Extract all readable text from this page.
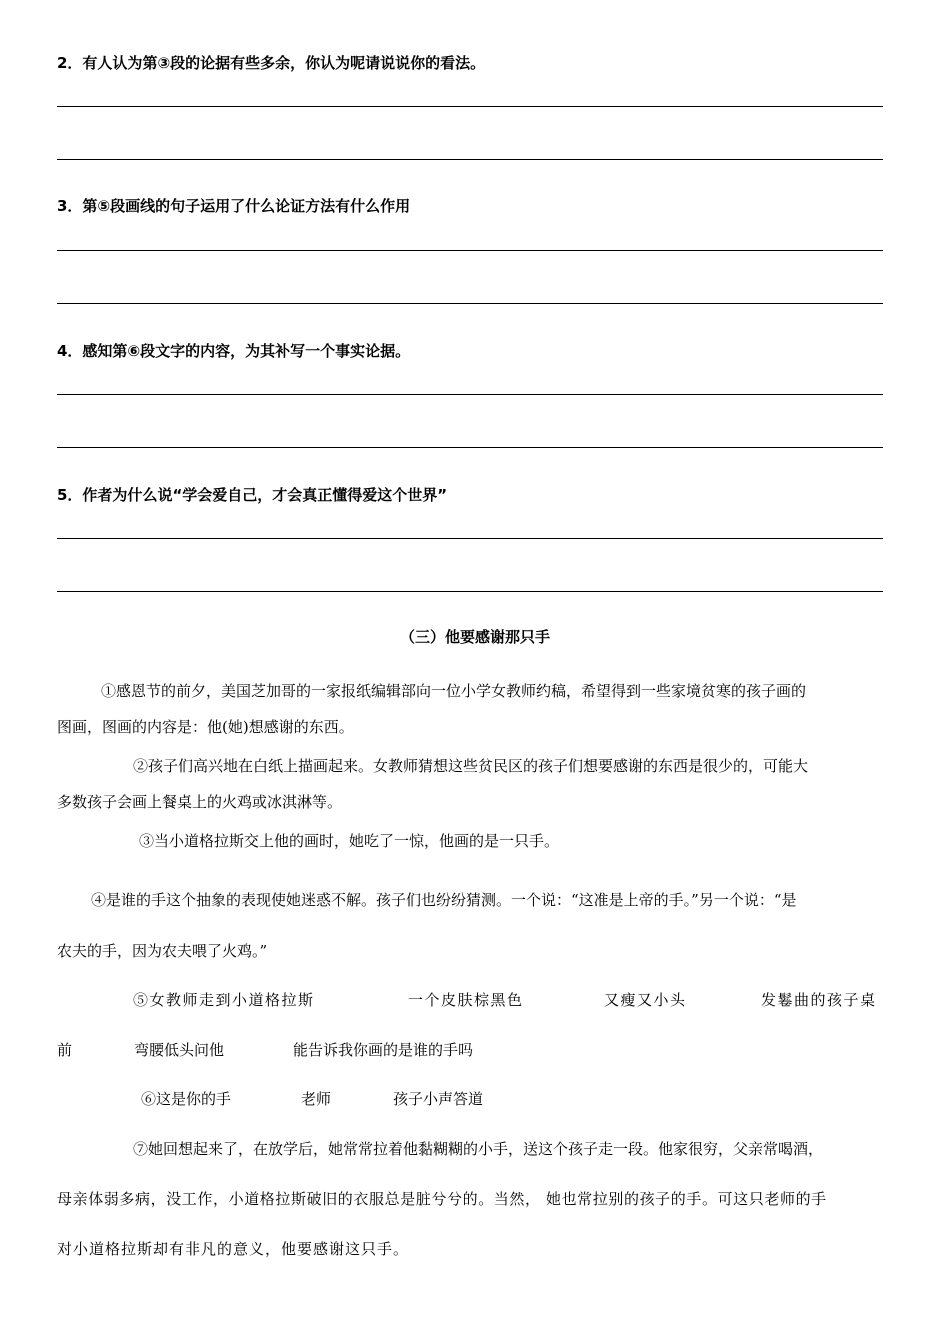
2．有人认为第③段的论据有些多余，你认为呢请说说你的看法。
3．第⑤段画线的句子运用了什么论证方法有什么作用
4．感知第⑥段文字的内容，为其补写一个事实论据。
5．作者为什么说“学会爱自己，才会真正懂得爱这个世界”
（三）他要感谢那只手
①感恩节的前夕，美国芝加哥的一家报纸编辑部向一位小学女教师约稿，希望得到一些家境贫寒的孩子画的
图画，图画的内容是：他(她)想感谢的东西。
②孩子们高兴地在白纸上描画起来。女教师猜想这些贫民区的孩子们想要感谢的东西是很少的，可能大
多数孩子会画上餐桌上的火鸡或冰淇淋等。
③当小道格拉斯交上他的画时，她吃了一惊，他画的是一只手。
④是谁的手这个抽象的表现使她迷惑不解。孩子们也纷纷猜测。一个说：“这准是上帝的手。”另一个说：“是
农夫的手，因为农夫喂了火鸡。”
⑤女教师走到小道格拉斯	一个皮肤棕黑色	又瘦又小头	发鬈曲的孩子桌
前	弯腰低头问他	能告诉我你画的是谁的手吗
⑥这是你的手	老师	孩子小声答道
⑦她回想起来了，在放学后，她常常拉着他黏糊糊的小手，送这个孩子走一段。他家很穷，父亲常喝酒，
母亲体弱多病，没工作，小道格拉斯破旧的衣服总是脏兮兮的。当然， 她也常拉别的孩子的手。可这只老师的手
对小道格拉斯却有非凡的意义，他要感谢这只手。
